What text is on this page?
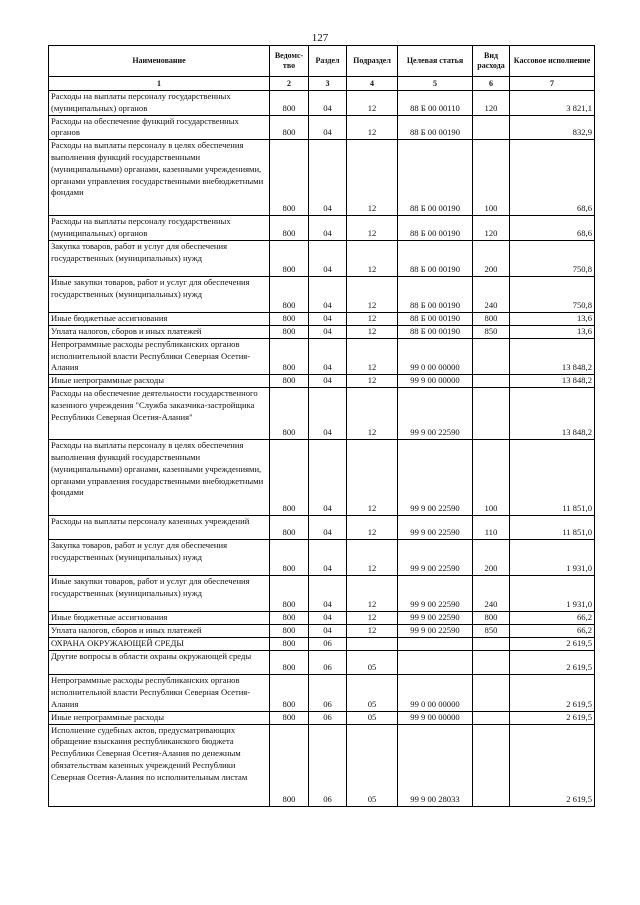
127
Наименование	Ведомс-тво	Раздел	Подраздел	Целевая статья	Вид расхода	Кассовое исполнение
1	2	3	4	5	6	7
Расходы на выплаты персоналу государственных (муниципальных) органов	800	04	12	88 Б 00 00110	120	3 821,1
Расходы на обеспечение функций государственных органов	800	04	12	88 Б 00 00190		832,9
Расходы на выплаты персоналу в целях обеспечения выполнения функций государственными (муниципальными) органами, казенными учреждениями, органами управления государственными внебюджетными фондами	800	04	12	88 Б 00 00190	100	68,6
Расходы на выплаты персоналу государственных (муниципальных) органов	800	04	12	88 Б 00 00190	120	68,6
Закупка товаров, работ и услуг для обеспечения государственных (муниципальных) нужд	800	04	12	88 Б 00 00190	200	750,8
Иные закупки товаров, работ и услуг для обеспечения государственных (муниципальных) нужд	800	04	12	88 Б 00 00190	240	750,8
Иные бюджетные ассигнования	800	04	12	88 Б 00 00190	800	13,6
Уплата налогов, сборов и иных платежей	800	04	12	88 Б 00 00190	850	13,6
Непрограммные расходы республиканских органов исполнительной власти Республики Северная Осетия-Алания	800	04	12	99 0 00 00000		13 848,2
Иные непрограммные расходы	800	04	12	99 9 00 00000		13 848,2
Расходы на обеспечение деятельности государственного казенного учреждения "Служба заказчика-застройщика Республики Северная Осетия-Алания"	800	04	12	99 9 00 22590		13 848,2
Расходы на выплаты персоналу в целях обеспечения выполнения функций государственными (муниципальными) органами, казенными учреждениями, органами управления государственными внебюджетными фондами	800	04	12	99 9 00 22590	100	11 851,0
Расходы на выплаты персоналу казенных учреждений	800	04	12	99 9 00 22590	110	11 851,0
Закупка товаров, работ и услуг для обеспечения государственных (муниципальных) нужд	800	04	12	99 9 00 22590	200	1 931,0
Иные закупки товаров, работ и услуг для обеспечения государственных (муниципальных) нужд	800	04	12	99 9 00 22590	240	1 931,0
Иные бюджетные ассигнования	800	04	12	99 9 00 22590	800	66,2
Уплата налогов, сборов и иных платежей	800	04	12	99 9 00 22590	850	66,2
ОХРАНА ОКРУЖАЮЩЕЙ СРЕДЫ	800	06				2 619,5
Другие вопросы в области охраны окружающей среды	800	06	05			2 619,5
Непрограммные расходы республиканских органов исполнительной власти Республики Северная Осетия-Алания	800	06	05	99 0 00 00000		2 619,5
Иные непрограммные расходы	800	06	05	99 9 00 00000		2 619,5
Исполнение судебных актов, предусматривающих обращение взыскания республиканского бюджета Республики Северная Осетия-Алания по денежным обязательствам казенных учреждений Республики Северная Осетия-Алания по исполнительным листам	800	06	05	99 9 00 28033		2 619,5
